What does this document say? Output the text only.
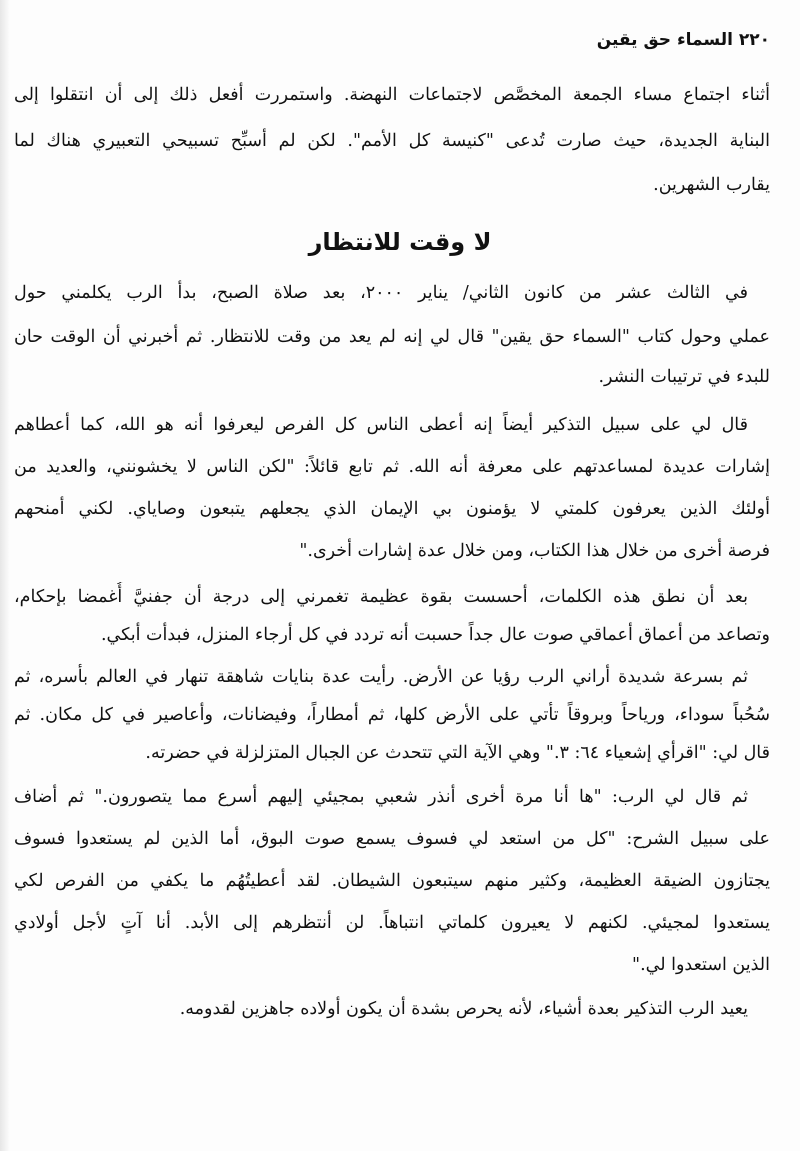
٢٢٠ السماء حق يقين
أثناء اجتماع مساء الجمعة المخصَّص لاجتماعات النهضة. واستمررت أفعل ذلك إلى أن انتقلوا إلى
البناية الجديدة، حيث صارت تُدعى "كنيسة كل الأمم". لكن لم أسبِّح تسبيحي التعبيري هناك لما
يقارب الشهرين.
لا وقت للانتظار
في الثالث عشر من كانون الثاني/ يناير ٢٠٠٠، بعد صلاة الصبح، بدأ الرب يكلمني حول
عملي وحول كتاب "السماء حق يقين" قال لي إنه لم يعد من وقت للانتظار. ثم أخبرني أن الوقت حان
للبدء في ترتيبات النشر.
قال لي على سبيل التذكير أيضاً إنه أعطى الناس كل الفرص ليعرفوا أنه هو الله، كما أعطاهم
إشارات عديدة لمساعدتهم على معرفة أنه الله. ثم تابع قائلاً: "لكن الناس لا يخشونني، والعديد من
أولئك الذين يعرفون كلمتي لا يؤمنون بي الإيمان الذي يجعلهم يتبعون وصاياي. لكني أمنحهم
فرصة أخرى من خلال هذا الكتاب، ومن خلال عدة إشارات أخرى."
بعد أن نطق هذه الكلمات، أحسست بقوة عظيمة تغمرني إلى درجة أن جفنيَّ أُغمضا بإحكام،
وتصاعد من أعماق أعماقي صوت عال جداً حسبت أنه تردد في كل أرجاء المنزل، فبدأت أبكي.
ثم بسرعة شديدة أراني الرب رؤيا عن الأرض. رأيت عدة بنايات شاهقة تنهار في العالم بأسره، ثم
سُحُباً سوداء، ورياحاً وبروقاً تأتي على الأرض كلها، ثم أمطاراً، وفيضانات، وأعاصير في كل مكان. ثم
قال لي: "اقرأي إشعياء ٦٤: ٣." وهي الآية التي تتحدث عن الجبال المتزلزلة في حضرته.
ثم قال لي الرب: "ها أنا مرة أخرى أنذر شعبي بمجيئي إليهم أسرع مما يتصورون." ثم أضاف
على سبيل الشرح: "كل من استعد لي فسوف يسمع صوت البوق، أما الذين لم يستعدوا فسوف
يجتازون الضيقة العظيمة، وكثير منهم سيتبعون الشيطان. لقد أعطيتُهُم ما يكفي من الفرص لكي
يستعدوا لمجيئي. لكنهم لا يعيرون كلماتي انتباهاً. لن أنتظرهم إلى الأبد. أنا آتٍ لأجل أولادي
الذين استعدوا لي."
يعيد الرب التذكير بعدة أشياء، لأنه يحرص بشدة أن يكون أولاده جاهزين لقدومه.
